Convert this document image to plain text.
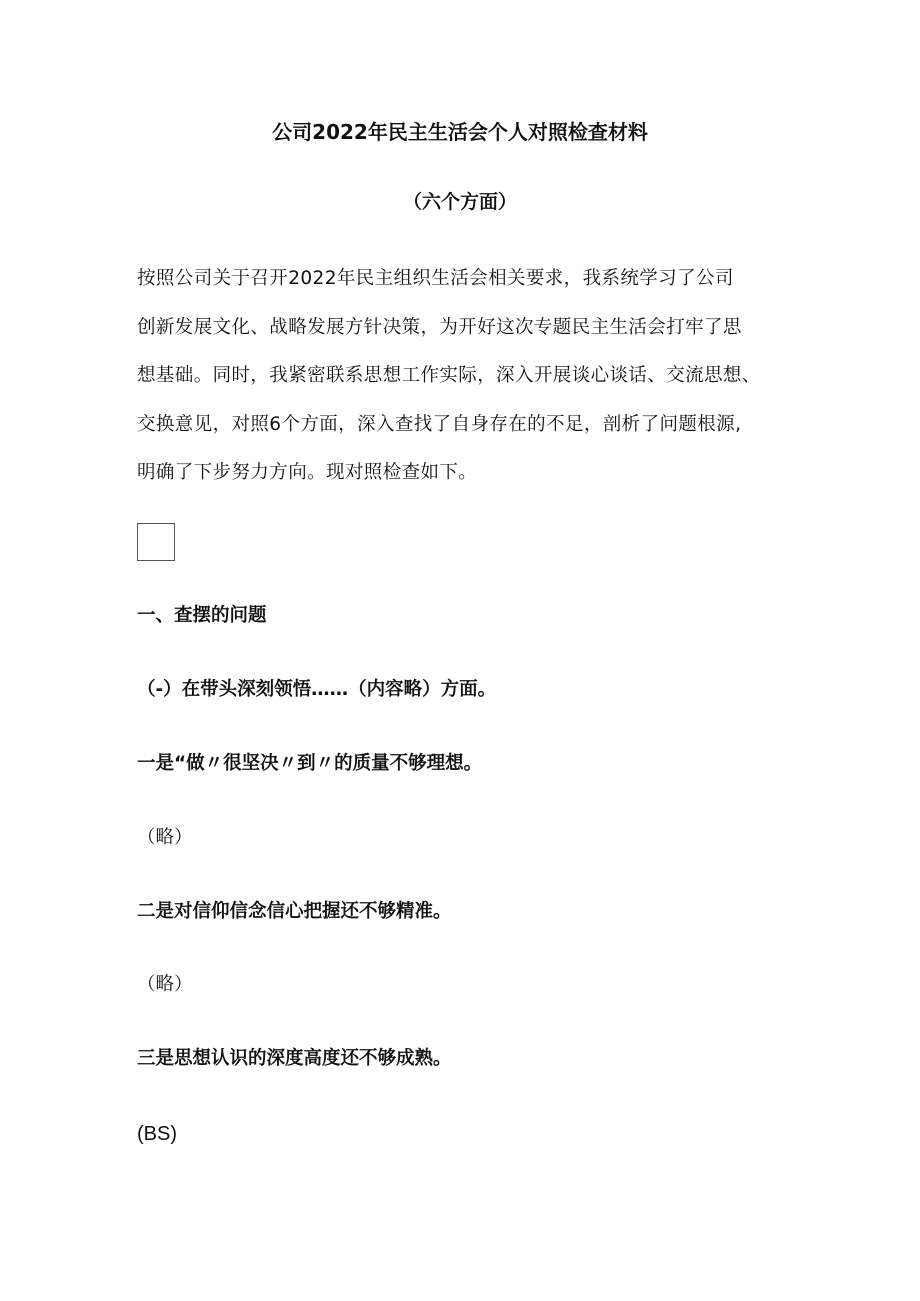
公司2022年民主生活会个人对照检查材料
（六个方面）

按照公司关于召开2022年民主组织生活会相关要求，我系统学习了公司
创新发展文化、战略发展方针决策，为开好这次专题民主生活会打牢了思
想基础。同时，我紧密联系思想工作实际，深入开展谈心谈话、交流思想、
交换意见，对照6个方面，深入查找了自身存在的不足，剖析了问题根源,
明确了下步努力方向。现对照检查如下。

一、查摆的问题
（-）在带头深刻领悟……（内容略）方面。
一是“做〃很坚决〃到〃的质量不够理想。
（略）
二是对信仰信念信心把握还不够精准。
（略）
三是思想认识的深度高度还不够成熟。
(BS)
